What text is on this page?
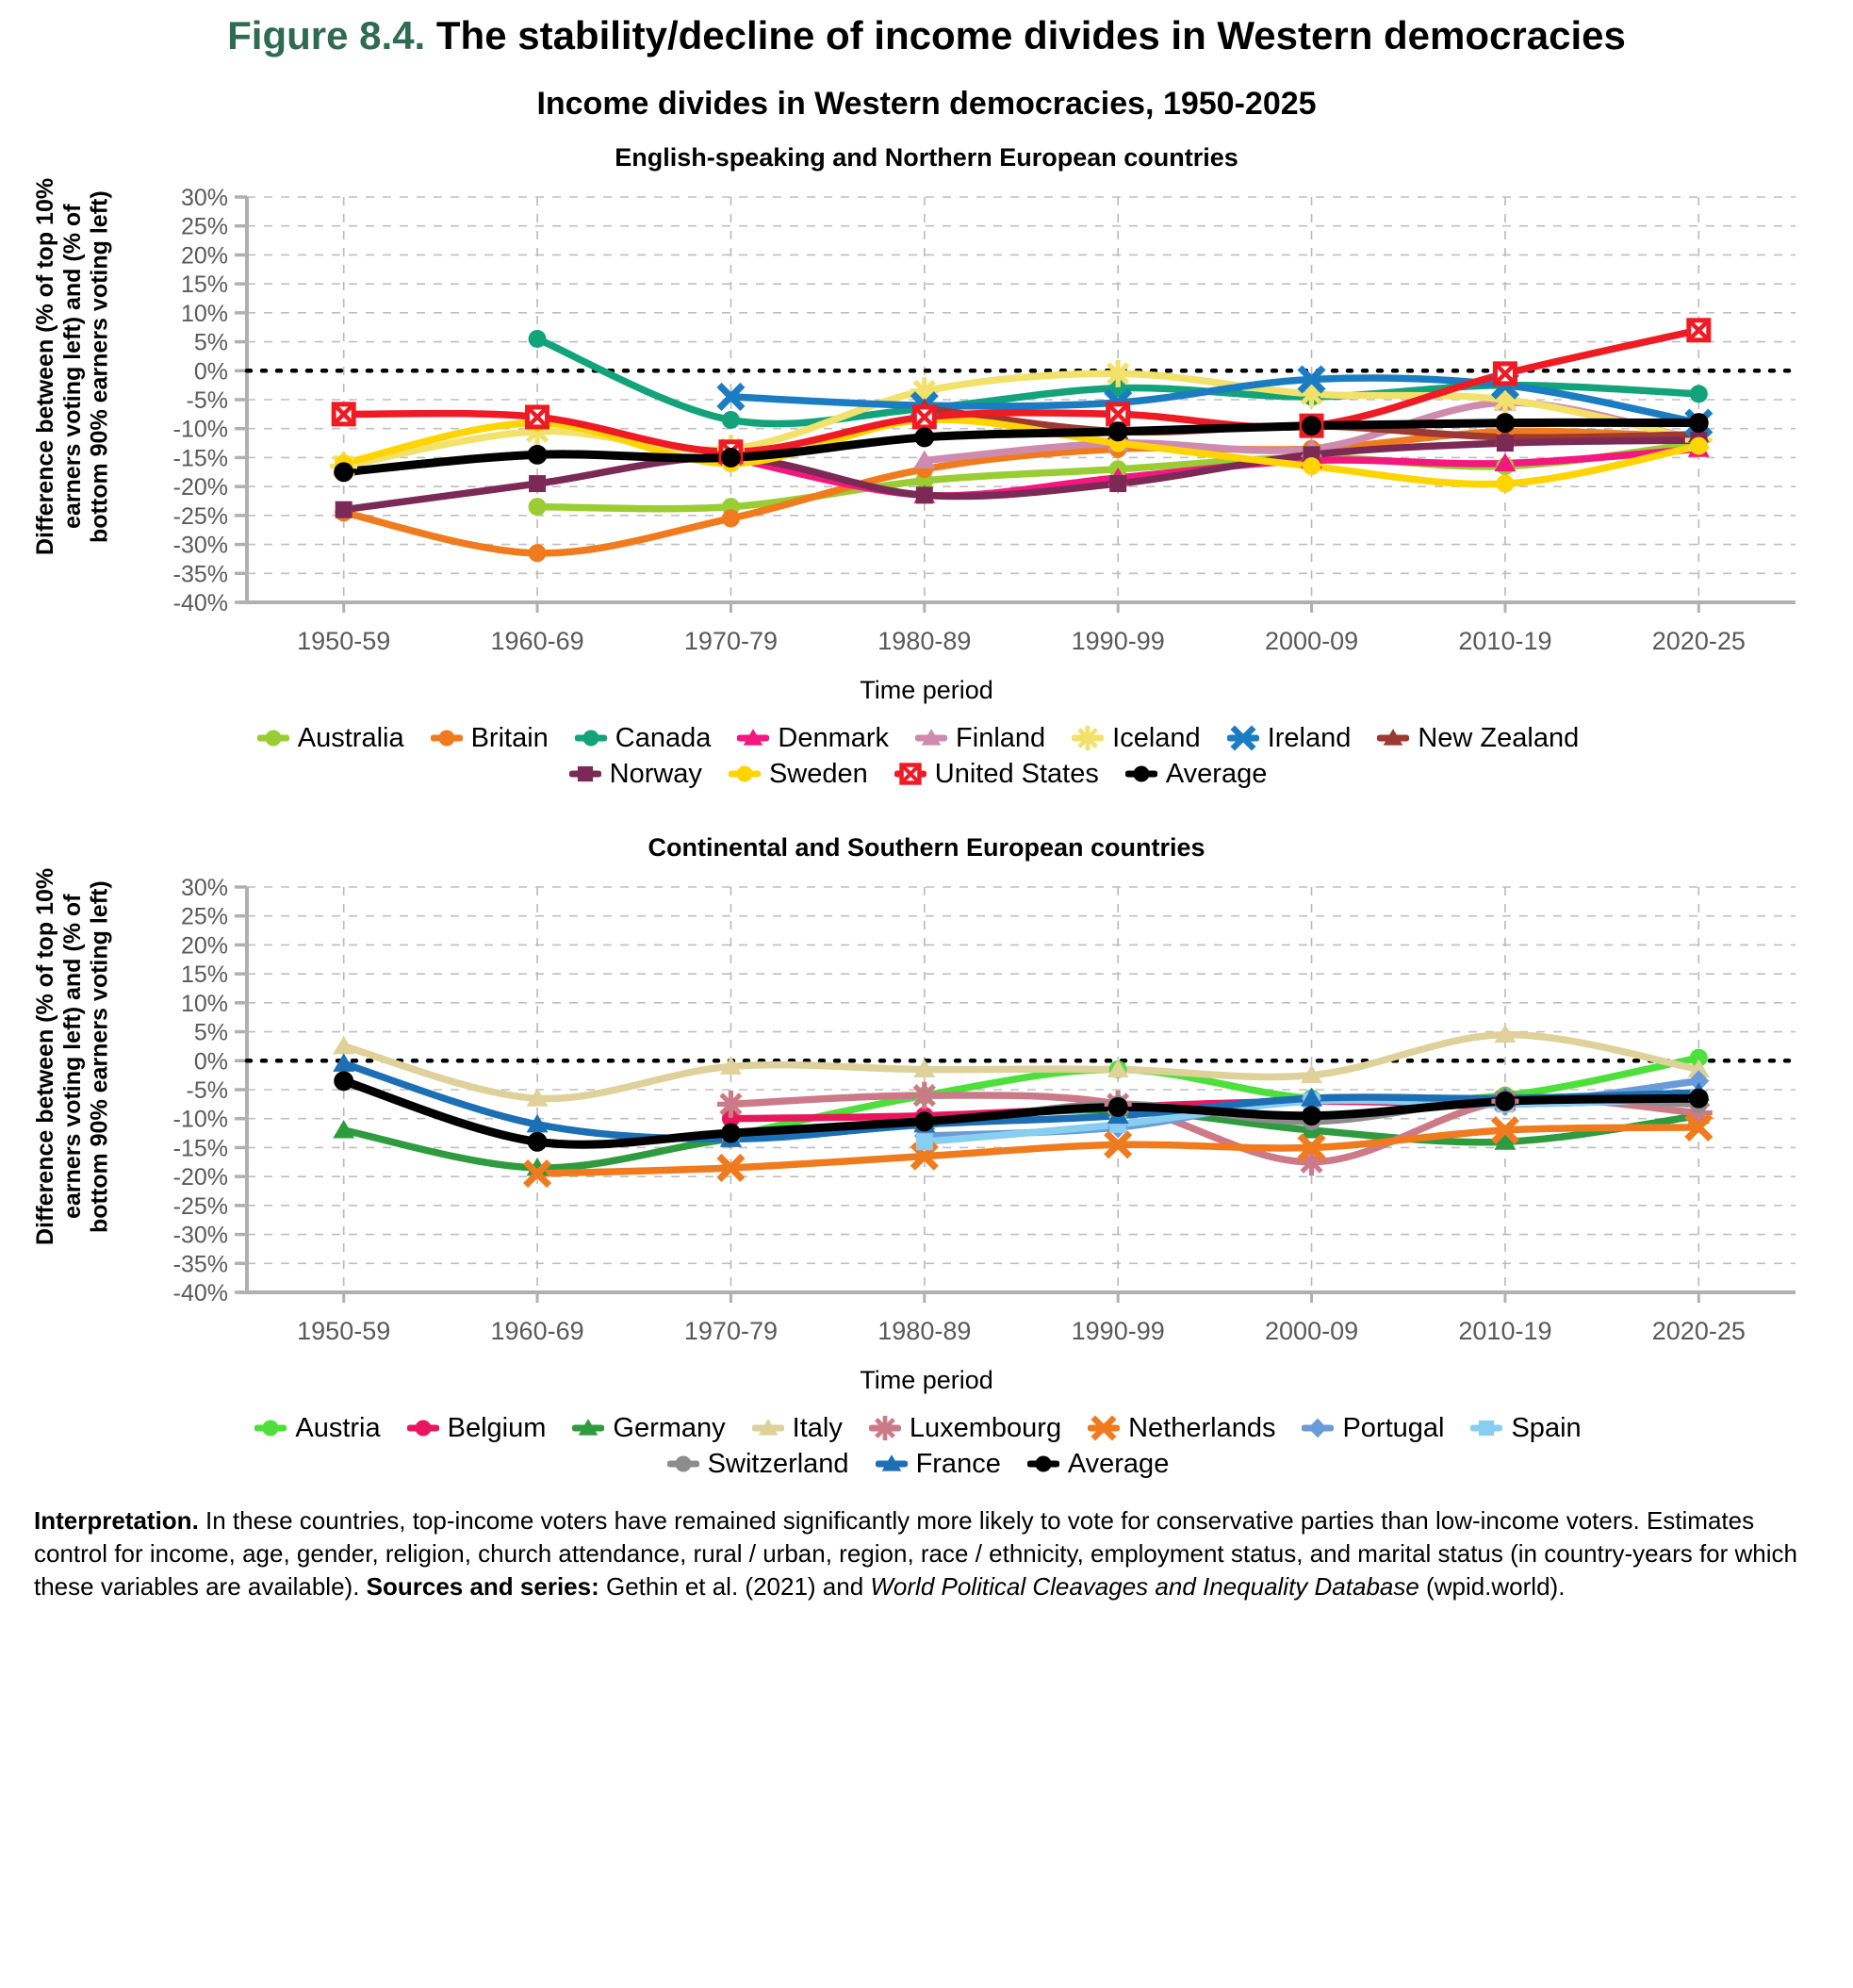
Figure 8.4. The stability/decline of income divides in Western democracies
Income divides in Western democracies, 1950-2025
English-speaking and Northern European countries
Difference between (% of top 10% earners voting left) and (% of bottom 90% earners voting left)	30%
25%
20%
15%
10%
5%
0%
-5%
-10%
-15%
-20%
-25%
-30%
-35%
-40%
1950-59	1960-69	1970-79	1980-89	1990-99	2000-09	2010-19	2020-25
Time period
Australia Britain Canada Denmark Finland Iceland Ireland New Zealand
Norway Sweden United States Average
Continental and Southern European countries
Difference between (% of top 10% earners voting left) and (% of bottom 90% earners voting left)	30%
25%
20%
15%
10%
5%
0%
-5%
-10%
-15%
-20%
-25%
-30%
-35%
-40%
1950-59	1960-69	1970-79	1980-89	1990-99	2000-09	2010-19	2020-25
Time period
Austria Belgium Germany Italy Luxembourg Netherlands Portugal Spain
Switzerland France Average
Interpretation. In these countries, top-income voters have remained significantly more likely to vote for conservative parties than low-income voters. Estimates control for income, age, gender, religion, church attendance, rural / urban, region, race / ethnicity, employment status, and marital status (in country-years for which these variables are available). Sources and series: Gethin et al. (2021) and World Political Cleavages and Inequality Database (wpid.world).
